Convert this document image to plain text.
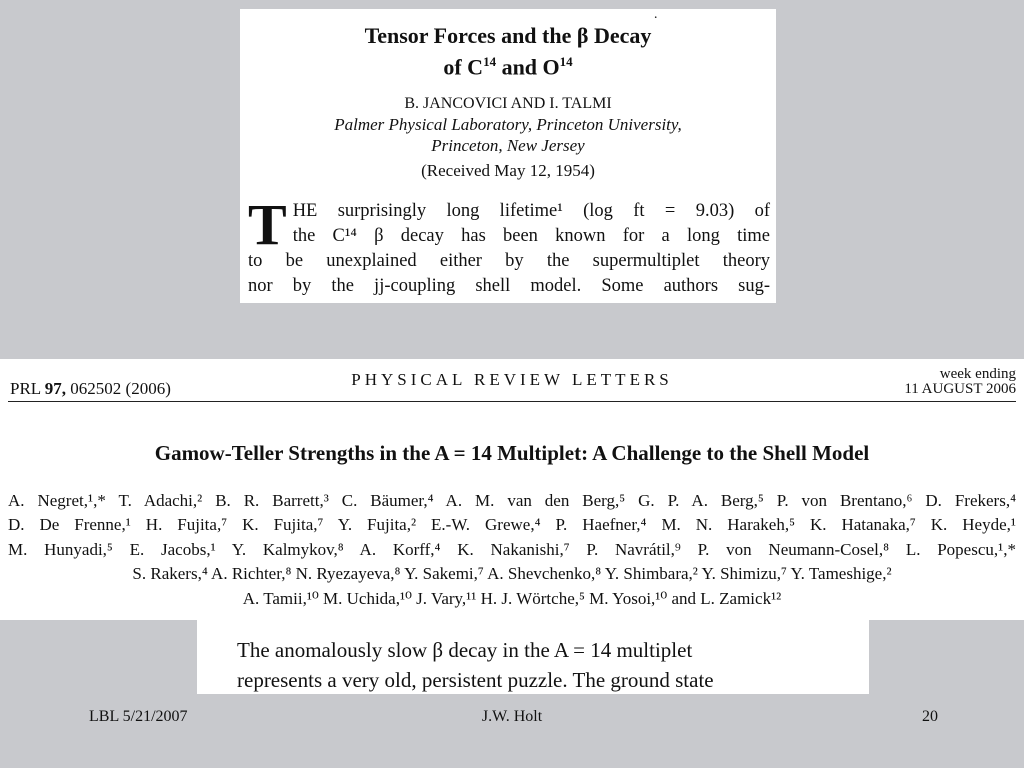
·
Tensor Forces and the β Decay
of $C^{14}$ and $O^{14}$
B. JANCOVICI AND I. TALMI
Palmer Physical Laboratory, Princeton University,
Princeton, New Jersey
(Received May 12, 1954)
T HE surprisingly long lifetime¹ (log ft = 9.03) of
the C¹⁴ β decay has been known for a long time
to be unexplained either by the supermultiplet theory
nor by the jj-coupling shell model. Some authors sug-
PRL 97, 062502 (2006)	PHYSICAL REVIEW LETTERS	week ending
11 AUGUST 2006
Gamow-Teller Strengths in the A = 14 Multiplet: A Challenge to the Shell Model
A. Negret,¹,* T. Adachi,² B. R. Barrett,³ C. Bäumer,⁴ A. M. van den Berg,⁵ G. P. A. Berg,⁵ P. von Brentano,⁶ D. Frekers,⁴
D. De Frenne,¹ H. Fujita,⁷ K. Fujita,⁷ Y. Fujita,² E.-W. Grewe,⁴ P. Haefner,⁴ M. N. Harakeh,⁵ K. Hatanaka,⁷ K. Heyde,¹
M. Hunyadi,⁵ E. Jacobs,¹ Y. Kalmykov,⁸ A. Korff,⁴ K. Nakanishi,⁷ P. Navrátil,⁹ P. von Neumann-Cosel,⁸ L. Popescu,¹,*
S. Rakers,⁴ A. Richter,⁸ N. Ryezayeva,⁸ Y. Sakemi,⁷ A. Shevchenko,⁸ Y. Shimbara,² Y. Shimizu,⁷ Y. Tameshige,²
A. Tamii,¹⁰ M. Uchida,¹⁰ J. Vary,¹¹ H. J. Wörtche,⁵ M. Yosoi,¹⁰ and L. Zamick¹²
The anomalously slow β decay in the A = 14 multiplet
represents a very old, persistent puzzle. The ground state
LBL 5/21/2007	J.W. Holt	20
